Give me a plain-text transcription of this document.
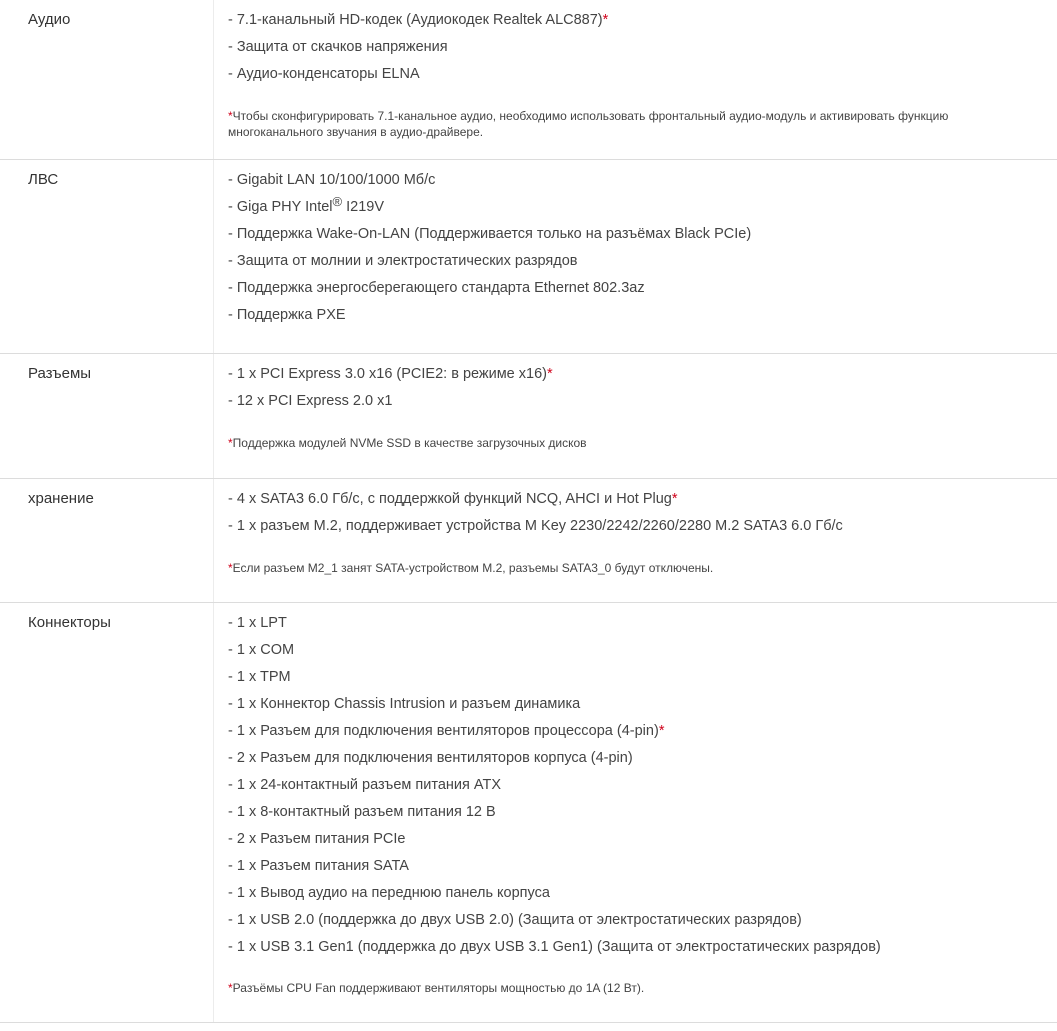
Аудио	- 7.1-канальный HD-кодек (Аудиокодек Realtek ALC887)*
- Защита от скачков напряжения
- Аудио-конденсаторы ELNA
*Чтобы сконфигурировать 7.1-канальное аудио, необходимо использовать фронтальный аудио-модуль и активировать функцию многоканального звучания в аудио-драйвере.
ЛВС	- Gigabit LAN 10/100/1000 Мб/с
- Giga PHY Intel® I219V
- Поддержка Wake-On-LAN (Поддерживается только на разъёмах Black PCIe)
- Защита от молнии и электростатических разрядов
- Поддержка энергосберегающего стандарта Ethernet 802.3az
- Поддержка PXE
Разъемы	- 1 x PCI Express 3.0 x16 (PCIE2: в режиме x16)*
- 12 x PCI Express 2.0 x1
*Поддержка модулей NVMe SSD в качестве загрузочных дисков
хранение	- 4 x SATA3 6.0 Гб/с, с поддержкой функций NCQ, AHCI и Hot Plug*
- 1 x разъем M.2, поддерживает устройства M Key 2230/2242/2260/2280 M.2 SATA3 6.0 Гб/с
*Если разъем M2_1 занят SATA-устройством M.2, разъемы SATA3_0 будут отключены.
Коннекторы	- 1 x LPT
- 1 x COM
- 1 x TPM
- 1 x Коннектор Chassis Intrusion и разъем динамика
- 1 x Разъем для подключения вентиляторов процессора (4-pin)*
- 2 x Разъем для подключения вентиляторов корпуса (4-pin)
- 1 x 24-контактный разъем питания ATX
- 1 x 8-контактный разъем питания 12 В
- 2 x Разъем питания PCIe
- 1 x Разъем питания SATA
- 1 x Вывод аудио на переднюю панель корпуса
- 1 x USB 2.0 (поддержка до двух USB 2.0) (Защита от электростатических разрядов)
- 1 x USB 3.1 Gen1 (поддержка до двух USB 3.1 Gen1) (Защита от электростатических разрядов)
*Разъёмы CPU Fan поддерживают вентиляторы мощностью до 1A (12 Вт).
